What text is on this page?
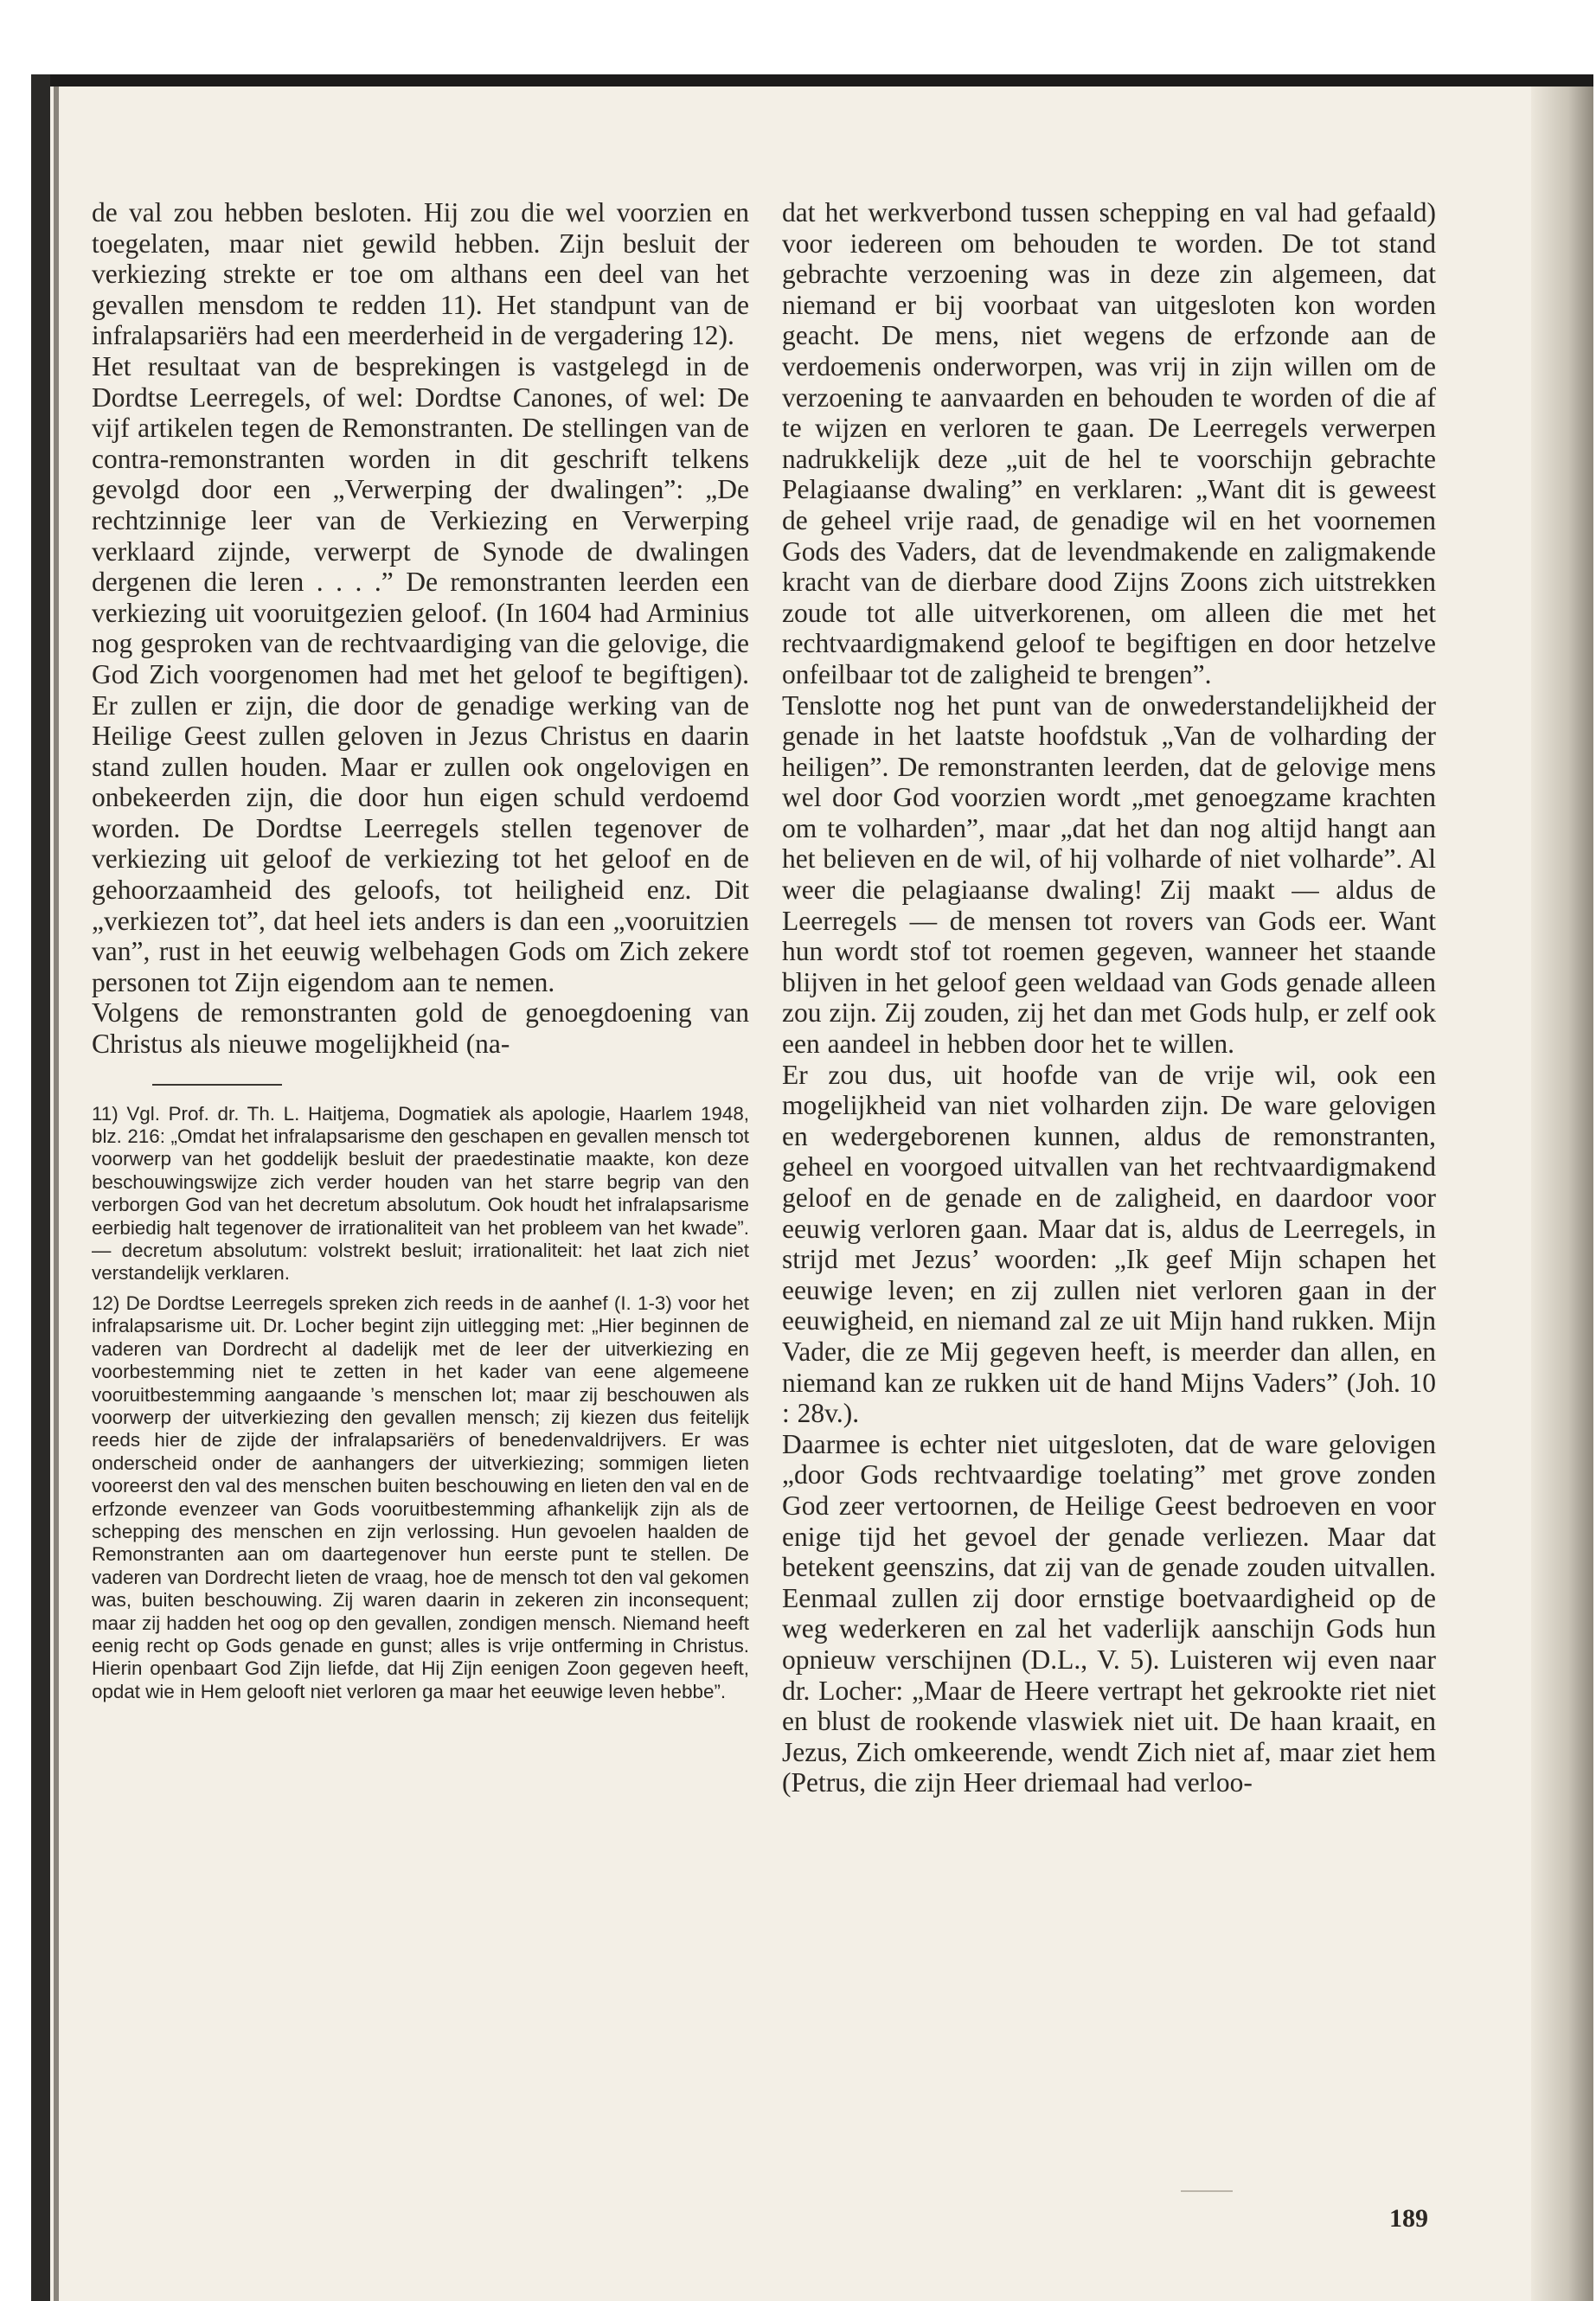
de val zou hebben besloten. Hij zou die wel voorzien en toegelaten, maar niet gewild hebben. Zijn besluit der verkiezing strekte er toe om althans een deel van het gevallen mensdom te redden 11). Het standpunt van de infralapsariërs had een meerderheid in de vergadering 12).

Het resultaat van de besprekingen is vastgelegd in de Dordtse Leerregels, of wel: Dordtse Canones, of wel: De vijf artikelen tegen de Remonstranten. De stellingen van de contra-remonstranten worden in dit geschrift telkens gevolgd door een „Verwerping der dwalingen”: „De rechtzinnige leer van de Verkiezing en Verwerping verklaard zijnde, verwerpt de Synode de dwalingen dergenen die leren . . . .” De remonstranten leerden een verkiezing uit vooruitgezien geloof. (In 1604 had Arminius nog gesproken van de rechtvaardiging van die gelovige, die God Zich voorgenomen had met het geloof te begiftigen). Er zullen er zijn, die door de genadige werking van de Heilige Geest zullen geloven in Jezus Christus en daarin stand zullen houden. Maar er zullen ook ongelovigen en onbekeerden zijn, die door hun eigen schuld verdoemd worden. De Dordtse Leerregels stellen tegenover de verkiezing uit geloof de verkiezing tot het geloof en de gehoorzaamheid des geloofs, tot heiligheid enz. Dit „verkiezen tot”, dat heel iets anders is dan een „vooruitzien van”, rust in het eeuwig welbehagen Gods om Zich zekere personen tot Zijn eigendom aan te nemen.

Volgens de remonstranten gold de genoegdoening van Christus als nieuwe mogelijkheid (na-

11) Vgl. Prof. dr. Th. L. Haitjema, Dogmatiek als apologie, Haarlem 1948, blz. 216: „Omdat het infralapsarisme den geschapen en gevallen mensch tot voorwerp van het goddelijk besluit der praedestinatie maakte, kon deze beschouwingswijze zich verder houden van het starre begrip van den verborgen God van het decretum absolutum. Ook houdt het infralapsarisme eerbiedig halt tegenover de irrationaliteit van het probleem van het kwade”. — decretum absolutum: volstrekt besluit; irrationaliteit: het laat zich niet verstandelijk verklaren.

12) De Dordtse Leerregels spreken zich reeds in de aanhef (I. 1-3) voor het infralapsarisme uit. Dr. Locher begint zijn uitlegging met: „Hier beginnen de vaderen van Dordrecht al dadelijk met de leer der uitverkiezing en voorbestemming niet te zetten in het kader van eene algemeene vooruitbestemming aangaande ’s menschen lot; maar zij beschouwen als voorwerp der uitverkiezing den gevallen mensch; zij kiezen dus feitelijk reeds hier de zijde der infralapsariërs of benedenvaldrijvers. Er was onderscheid onder de aanhangers der uitverkiezing; sommigen lieten vooreerst den val des menschen buiten beschouwing en lieten den val en de erfzonde evenzeer van Gods vooruitbestemming afhankelijk zijn als de schepping des menschen en zijn verlossing. Hun gevoelen haalden de Remonstranten aan om daartegenover hun eerste punt te stellen. De vaderen van Dordrecht lieten de vraag, hoe de mensch tot den val gekomen was, buiten beschouwing. Zij waren daarin in zekeren zin inconsequent; maar zij hadden het oog op den gevallen, zondigen mensch. Niemand heeft eenig recht op Gods genade en gunst; alles is vrije ontferming in Christus. Hierin openbaart God Zijn liefde, dat Hij Zijn eenigen Zoon gegeven heeft, opdat wie in Hem gelooft niet verloren ga maar het eeuwige leven hebbe”.

dat het werkverbond tussen schepping en val had gefaald) voor iedereen om behouden te worden. De tot stand gebrachte verzoening was in deze zin algemeen, dat niemand er bij voorbaat van uitgesloten kon worden geacht. De mens, niet wegens de erfzonde aan de verdoemenis onderworpen, was vrij in zijn willen om de verzoening te aanvaarden en behouden te worden of die af te wijzen en verloren te gaan. De Leerregels verwerpen nadrukkelijk deze „uit de hel te voorschijn gebrachte Pelagiaanse dwaling” en verklaren: „Want dit is geweest de geheel vrije raad, de genadige wil en het voornemen Gods des Vaders, dat de levendmakende en zaligmakende kracht van de dierbare dood Zijns Zoons zich uitstrekken zoude tot alle uitverkorenen, om alleen die met het rechtvaardigmakend geloof te begiftigen en door hetzelve onfeilbaar tot de zaligheid te brengen”.

Tenslotte nog het punt van de onwederstandelijkheid der genade in het laatste hoofdstuk „Van de volharding der heiligen”. De remonstranten leerden, dat de gelovige mens wel door God voorzien wordt „met genoegzame krachten om te volharden”, maar „dat het dan nog altijd hangt aan het believen en de wil, of hij volharde of niet volharde”. Al weer die pelagiaanse dwaling! Zij maakt — aldus de Leerregels — de mensen tot rovers van Gods eer. Want hun wordt stof tot roemen gegeven, wanneer het staande blijven in het geloof geen weldaad van Gods genade alleen zou zijn. Zij zouden, zij het dan met Gods hulp, er zelf ook een aandeel in hebben door het te willen.

Er zou dus, uit hoofde van de vrije wil, ook een mogelijkheid van niet volharden zijn. De ware gelovigen en wedergeborenen kunnen, aldus de remonstranten, geheel en voorgoed uitvallen van het rechtvaardigmakend geloof en de genade en de zaligheid, en daardoor voor eeuwig verloren gaan. Maar dat is, aldus de Leerregels, in strijd met Jezus’ woorden: „Ik geef Mijn schapen het eeuwige leven; en zij zullen niet verloren gaan in der eeuwigheid, en niemand zal ze uit Mijn hand rukken. Mijn Vader, die ze Mij gegeven heeft, is meerder dan allen, en niemand kan ze rukken uit de hand Mijns Vaders” (Joh. 10 : 28v.).

Daarmee is echter niet uitgesloten, dat de ware gelovigen „door Gods rechtvaardige toelating” met grove zonden God zeer vertoornen, de Heilige Geest bedroeven en voor enige tijd het gevoel der genade verliezen. Maar dat betekent geenszins, dat zij van de genade zouden uitvallen. Eenmaal zullen zij door ernstige boetvaardigheid op de weg wederkeren en zal het vaderlijk aanschijn Gods hun opnieuw verschijnen (D.L., V. 5). Luisteren wij even naar dr. Locher: „Maar de Heere vertrapt het gekrookte riet niet en blust de rookende vlaswiek niet uit. De haan kraait, en Jezus, Zich omkeerende, wendt Zich niet af, maar ziet hem (Petrus, die zijn Heer driemaal had verloo-

189
